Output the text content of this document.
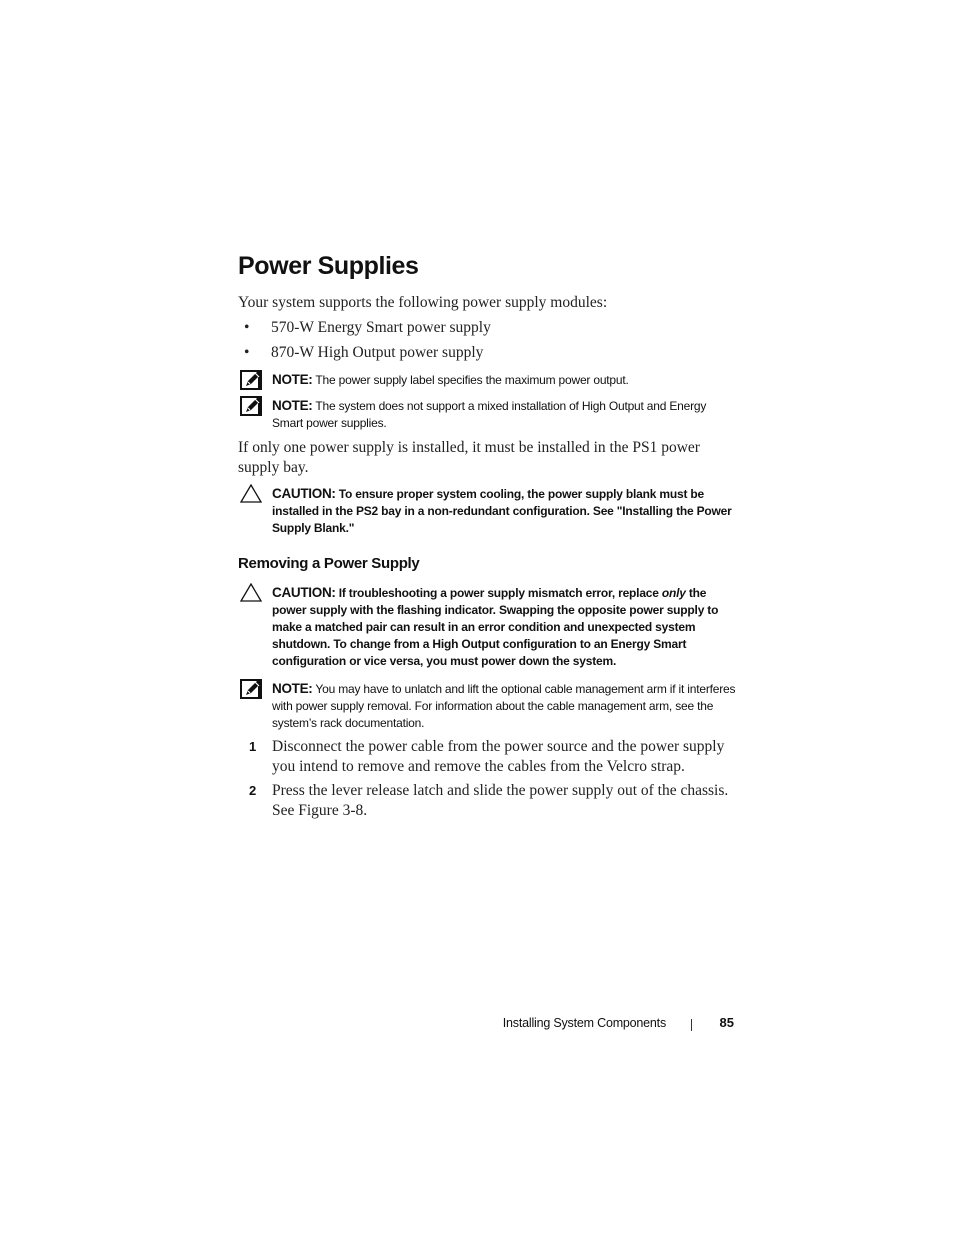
Power Supplies
Your system supports the following power supply modules:
• 570-W Energy Smart power supply
• 870-W High Output power supply
NOTE: The power supply label specifies the maximum power output.
NOTE: The system does not support a mixed installation of High Output and Energy Smart power supplies.
If only one power supply is installed, it must be installed in the PS1 power supply bay.
CAUTION: To ensure proper system cooling, the power supply blank must be installed in the PS2 bay in a non-redundant configuration. See "Installing the Power Supply Blank."
Removing a Power Supply
CAUTION: If troubleshooting a power supply mismatch error, replace only the power supply with the flashing indicator. Swapping the opposite power supply to make a matched pair can result in an error condition and unexpected system shutdown. To change from a High Output configuration to an Energy Smart configuration or vice versa, you must power down the system.
NOTE: You may have to unlatch and lift the optional cable management arm if it interferes with power supply removal. For information about the cable management arm, see the system’s rack documentation.
1 Disconnect the power cable from the power source and the power supply you intend to remove and remove the cables from the Velcro strap.
2 Press the lever release latch and slide the power supply out of the chassis. See Figure 3-8.
Installing System Components	85
